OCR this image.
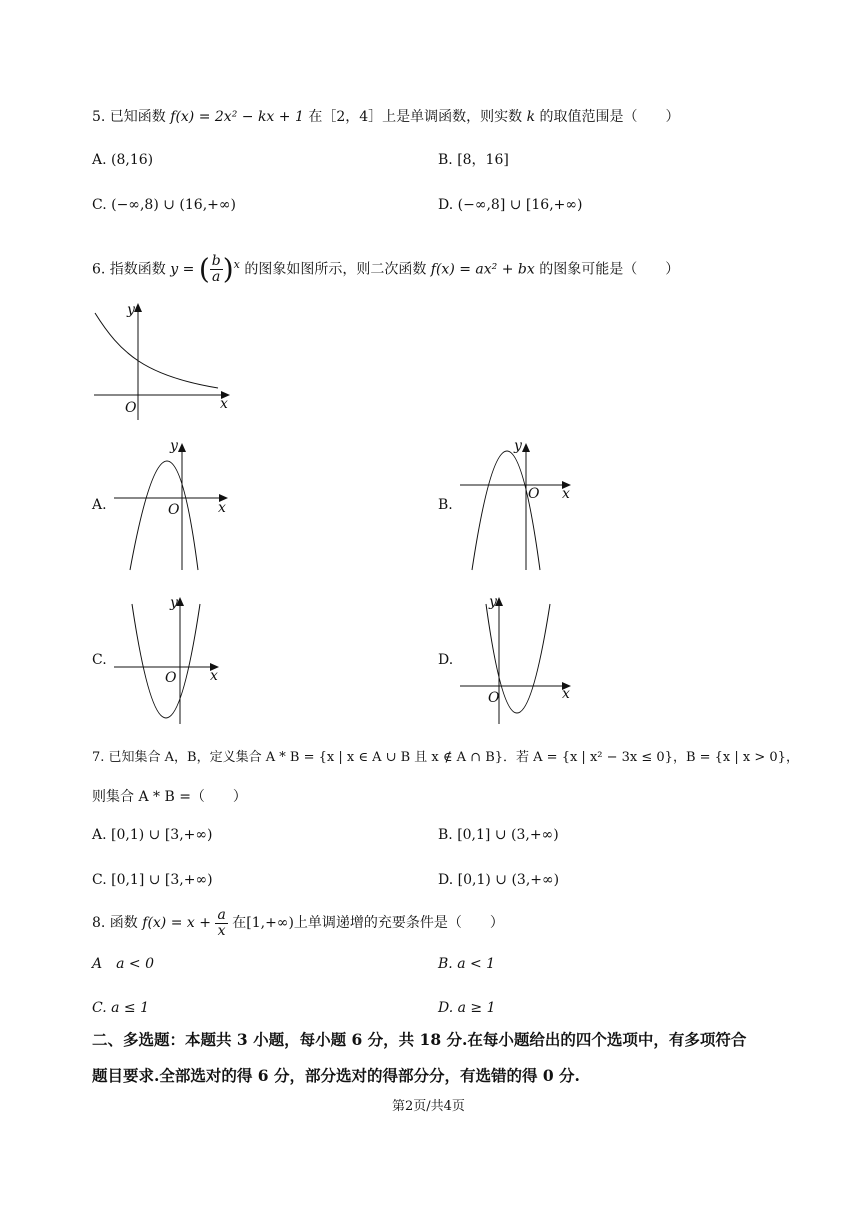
5. 已知函数 f(x) = 2x² − kx + 1 在［2，4］上是单调函数，则实数 k 的取值范围是（　　）
A. (8,16)	B. [8，16]
C. (−∞,8) ∪ (16,+∞)	D. (−∞,8] ∪ [16,+∞)
6. 指数函数 y = ( $\frac{b}{a} )^x$ 的图象如图所示，则二次函数 f(x) = ax² + bx 的图象可能是（　　）
O	x
y
A.	O	x
y
B.
O x
y
C.
O x
y
D.
O	x
y
7. 已知集合 A，B，定义集合 A * B = {x | x ∈ A ∪ B 且 x ∉ A ∩ B}．若 A = {x | x² − 3x ≤ 0}，B = {x | x > 0}，
则集合 A * B =（　　）
A. [0,1) ∪ [3,+∞)	B. [0,1] ∪ (3,+∞)
C. [0,1] ∪ [3,+∞)	D. [0,1) ∪ (3,+∞)
8. 函数 $f(x) = x + \frac{a}{x}$ 在[1,+∞)上单调递增的充要条件是（　　）
A　a < 0	B. a < 1
C. a ≤ 1	D. a ≥ 1
二、多选题：本题共 3 小题，每小题 6 分，共 18 分.在每小题给出的四个选项中，有多项符合
题目要求.全部选对的得 6 分，部分选对的得部分分，有选错的得 0 分.
第2页/共4页
